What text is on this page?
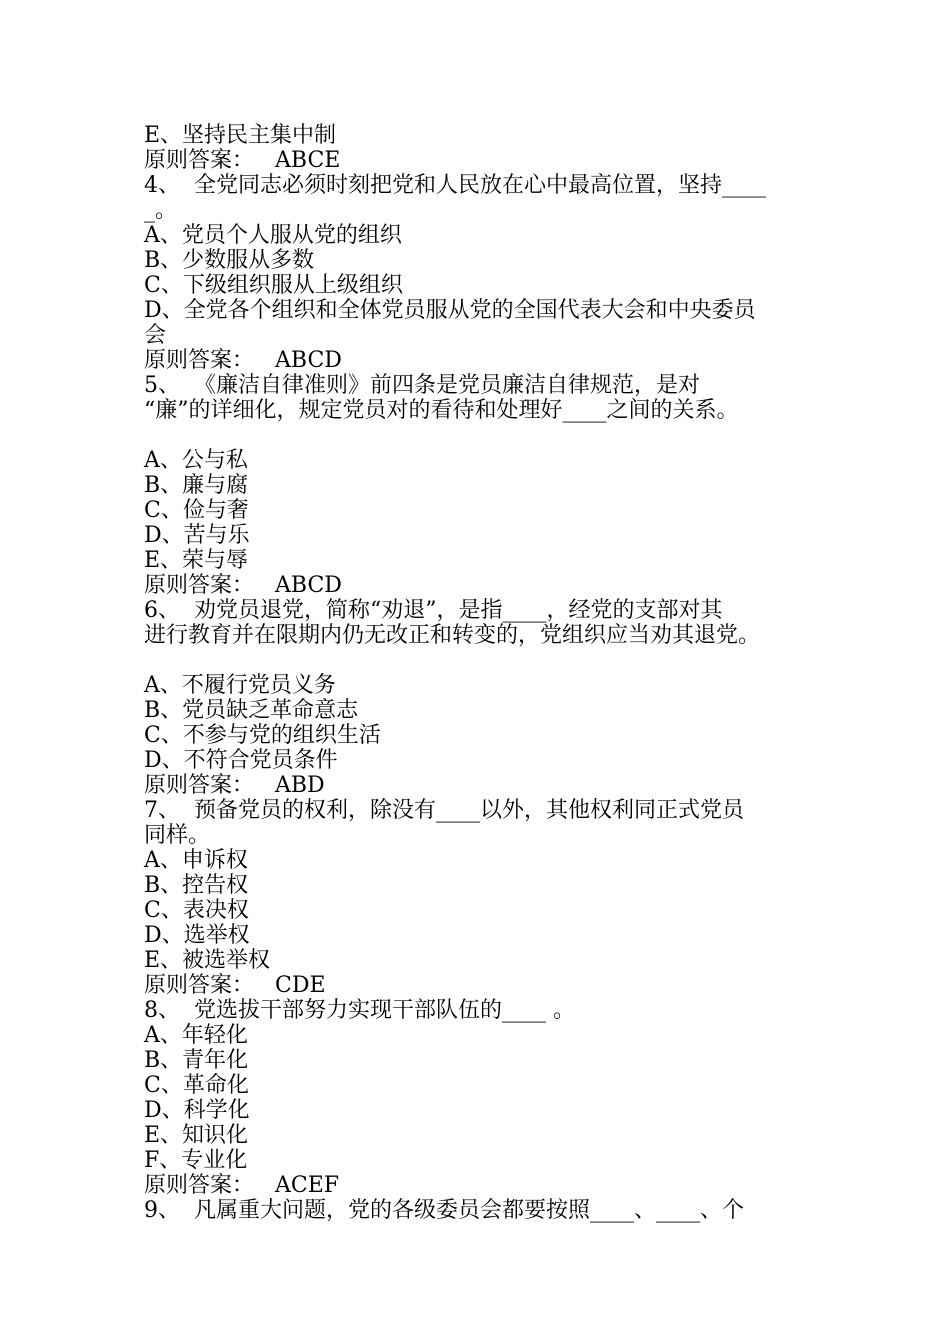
E、坚持民主集中制
原则答案：   ABCE
4、  全党同志必须时刻把党和人民放在心中最高位置，坚持____
_。
A、党员个人服从党的组织
B、少数服从多数
C、下级组织服从上级组织
D、全党各个组织和全体党员服从党的全国代表大会和中央委员
会
原则答案：   ABCD
5、  《廉洁自律准则》前四条是党员廉洁自律规范，是对
“廉”的详细化，规定党员对的看待和处理好____之间的关系。
A、公与私
B、廉与腐
C、俭与奢
D、苦与乐
E、荣与辱
原则答案：   ABCD
6、  劝党员退党，简称“劝退”，是指____，经党的支部对其
进行教育并在限期内仍无改正和转变的，党组织应当劝其退党。
A、不履行党员义务
B、党员缺乏革命意志
C、不参与党的组织生活
D、不符合党员条件
原则答案：   ABD
7、  预备党员的权利，除没有____以外，其他权利同正式党员
同样。
A、申诉权
B、控告权
C、表决权
D、选举权
E、被选举权
原则答案：   CDE
8、  党选拔干部努力实现干部队伍的____ 。
A、年轻化
B、青年化
C、革命化
D、科学化
E、知识化
F、专业化
原则答案：   ACEF
9、  凡属重大问题，党的各级委员会都要按照____、____、个
